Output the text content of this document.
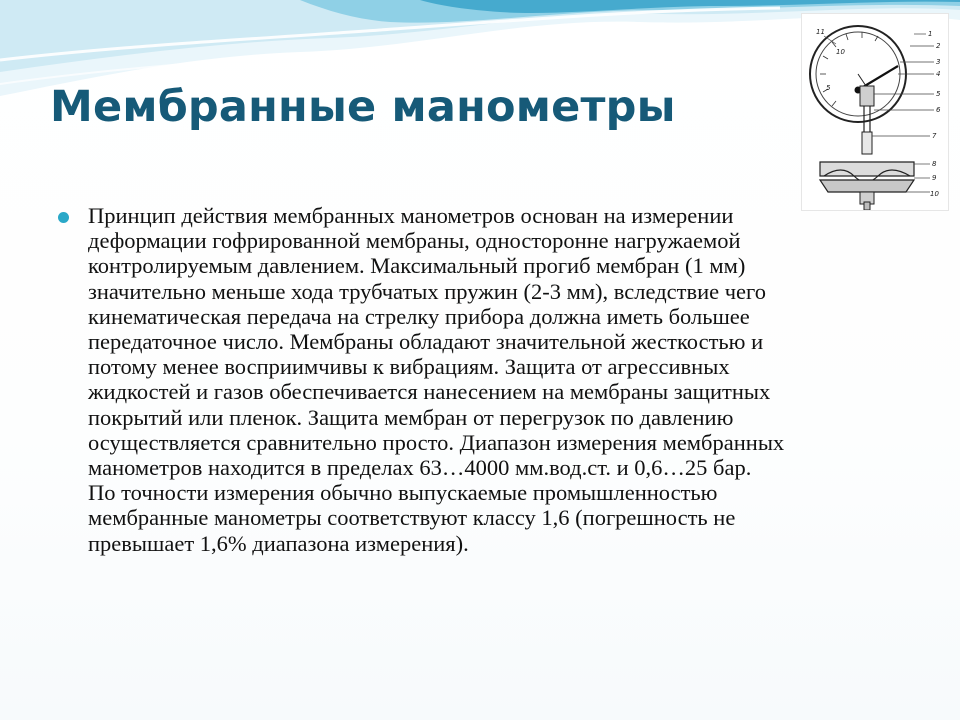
Мембранные манометры	5
10
1
2
3
4
5
6
7
8
9
10
11

Принцип действия мембранных манометров основан на измерении
деформации гофрированной мембраны, односторонне нагружаемой
контролируемым давлением. Максимальный прогиб мембран (1 мм)
значительно меньше хода трубчатых пружин (2-3 мм), вследствие чего
кинематическая передача на стрелку прибора должна иметь большее
передаточное число. Мембраны обладают значительной жесткостью и
потому менее восприимчивы к вибрациям. Защита от агрессивных
жидкостей и газов обеспечивается нанесением на мембраны защитных
покрытий или пленок. Защита мембран от перегрузок по давлению
осуществляется сравнительно просто. Диапазон измерения мембранных
манометров находится в пределах 63…4000 мм.вод.ст. и 0,6…25 бар.
По точности измерения обычно выпускаемые промышленностью
мембранные манометры соответствуют классу 1,6 (погрешность не
превышает 1,6% диапазона измерения).
